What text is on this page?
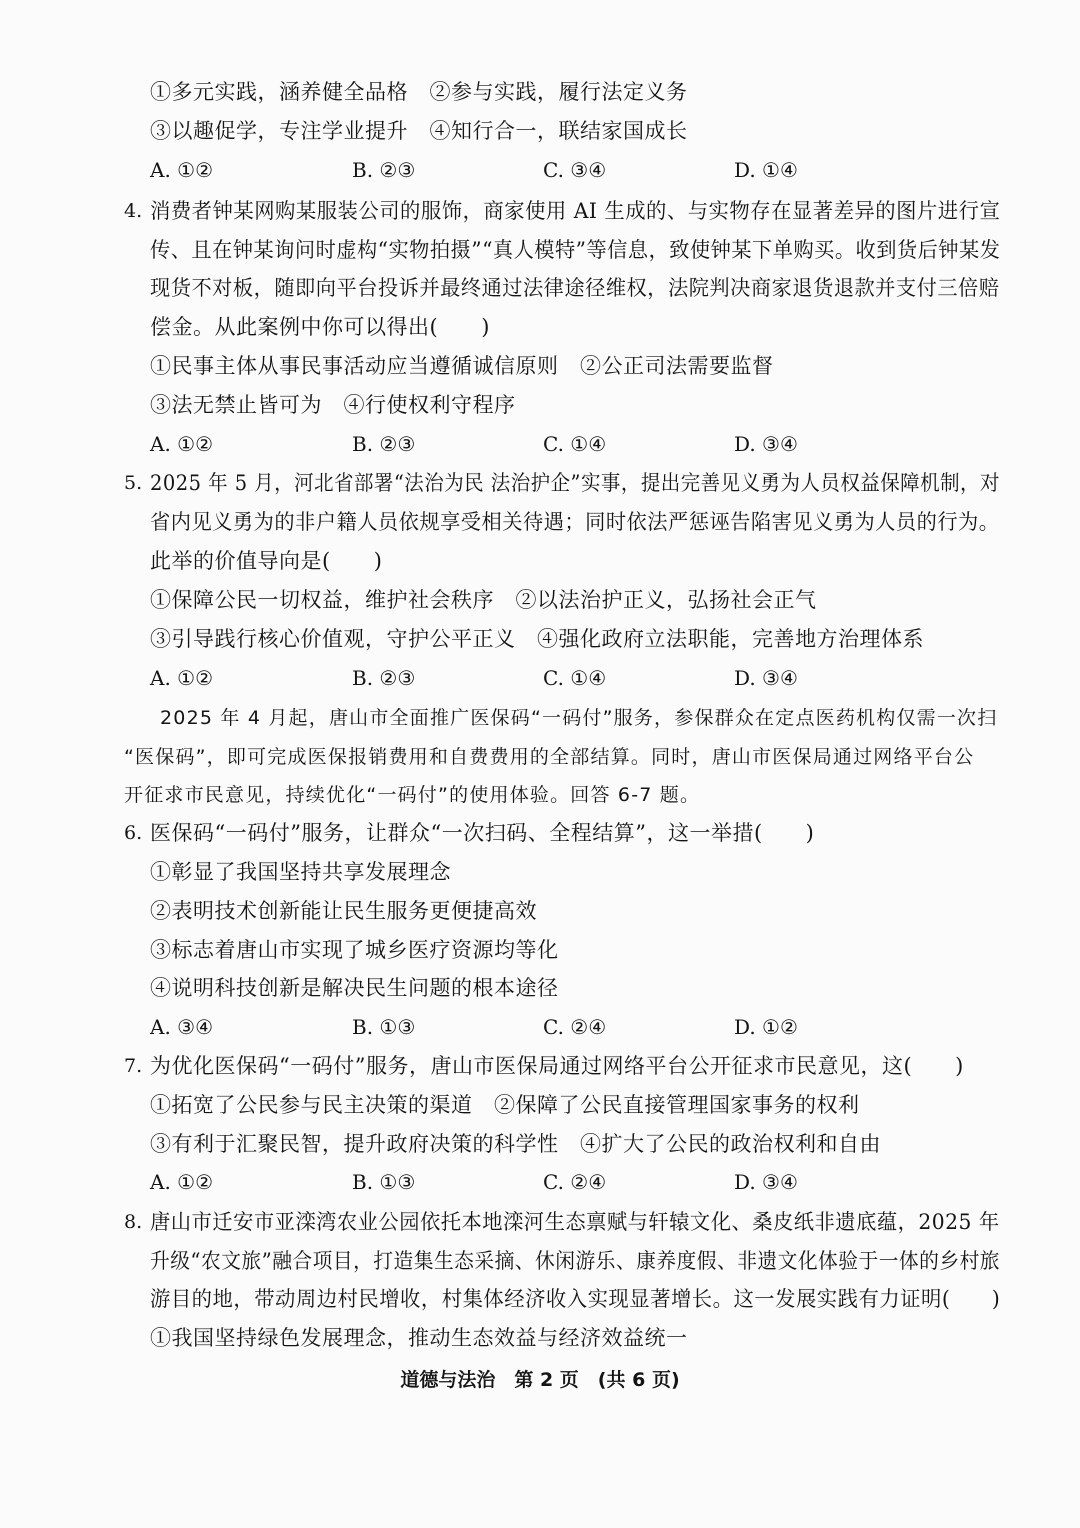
①多元实践，涵养健全品格　②参与实践，履行法定义务
③以趣促学，专注学业提升　④知行合一，联结家国成长
A. ①②	B. ②③	C. ③④	D. ①④
4. 消费者钟某网购某服装公司的服饰，商家使用 AI 生成的、与实物存在显著差异的图片进行宣
传、且在钟某询问时虚构“实物拍摄”“真人模特”等信息，致使钟某下单购买。收到货后钟某发
现货不对板，随即向平台投诉并最终通过法律途径维权，法院判决商家退货退款并支付三倍赔
偿金。从此案例中你可以得出(　　)
①民事主体从事民事活动应当遵循诚信原则　②公正司法需要监督
③法无禁止皆可为　④行使权利守程序
A. ①②	B. ②③	C. ①④	D. ③④
5. 2025 年 5 月，河北省部署“法治为民 法治护企”实事，提出完善见义勇为人员权益保障机制，对
省内见义勇为的非户籍人员依规享受相关待遇；同时依法严惩诬告陷害见义勇为人员的行为。
此举的价值导向是(　　)
①保障公民一切权益，维护社会秩序　②以法治护正义，弘扬社会正气
③引导践行核心价值观，守护公平正义　④强化政府立法职能，完善地方治理体系
A. ①②	B. ②③	C. ①④	D. ③④
2025 年 4 月起，唐山市全面推广医保码“一码付”服务，参保群众在定点医药机构仅需一次扫
“医保码”，即可完成医保报销费用和自费费用的全部结算。同时，唐山市医保局通过网络平台公
开征求市民意见，持续优化“一码付”的使用体验。回答 6-7 题。
6. 医保码“一码付”服务，让群众“一次扫码、全程结算”，这一举措(　　)
①彰显了我国坚持共享发展理念
②表明技术创新能让民生服务更便捷高效
③标志着唐山市实现了城乡医疗资源均等化
④说明科技创新是解决民生问题的根本途径
A. ③④	B. ①③	C. ②④	D. ①②
7. 为优化医保码“一码付”服务，唐山市医保局通过网络平台公开征求市民意见，这(　　)
①拓宽了公民参与民主决策的渠道　②保障了公民直接管理国家事务的权利
③有利于汇聚民智，提升政府决策的科学性　④扩大了公民的政治权利和自由
A. ①②	B. ①③	C. ②④	D. ③④
8. 唐山市迁安市亚滦湾农业公园依托本地滦河生态禀赋与轩辕文化、桑皮纸非遗底蕴，2025 年
升级“农文旅”融合项目，打造集生态采摘、休闲游乐、康养度假、非遗文化体验于一体的乡村旅
游目的地，带动周边村民增收，村集体经济收入实现显著增长。这一发展实践有力证明(　　)
①我国坚持绿色发展理念，推动生态效益与经济效益统一
道德与法治　第 2 页　(共 6 页)
